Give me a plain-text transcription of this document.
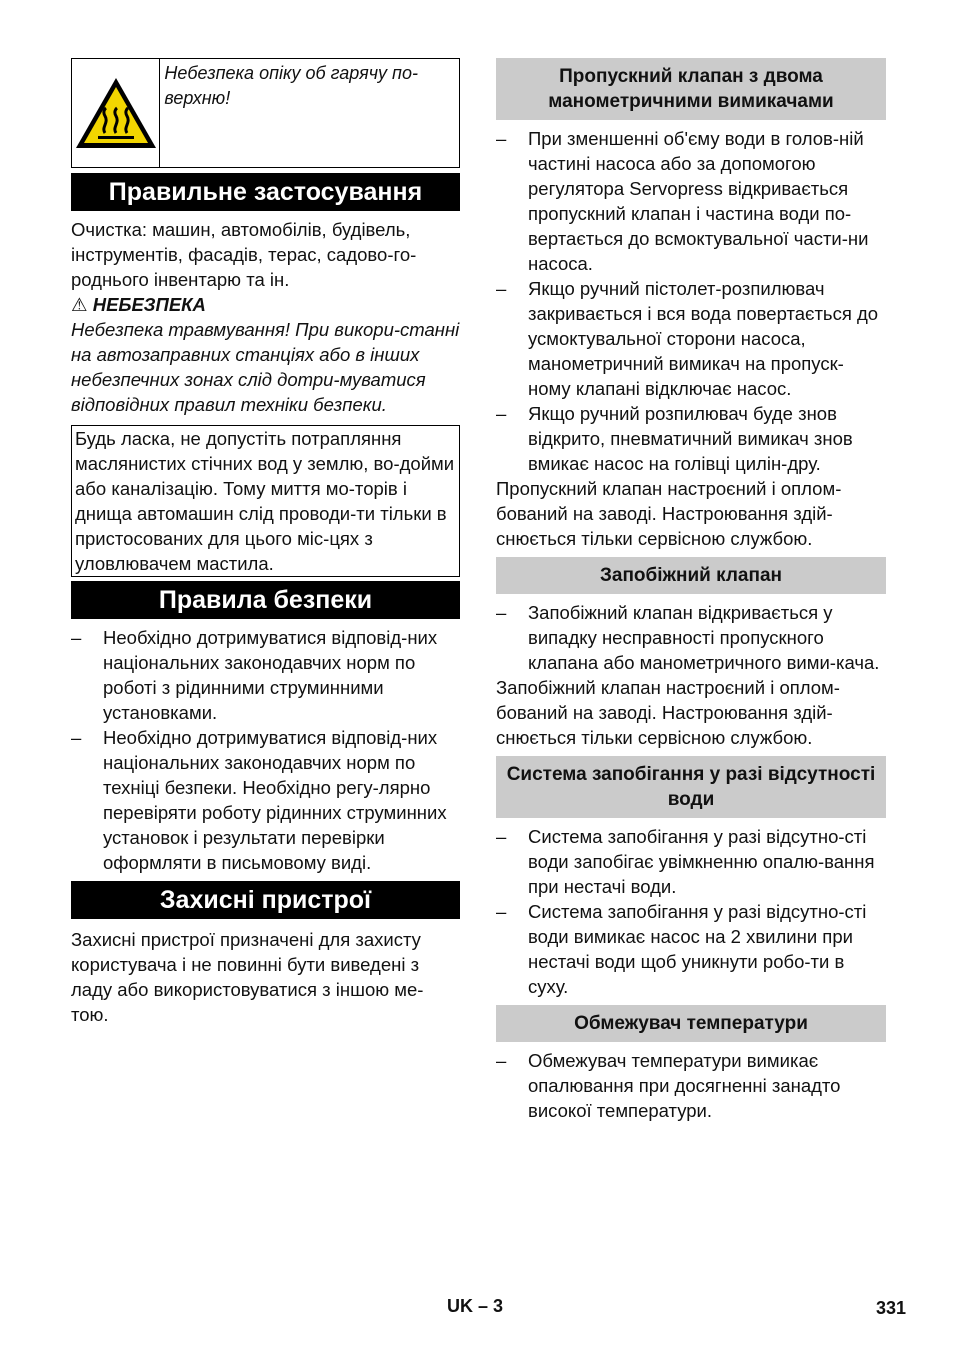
Небезпека опіку об гарячу по-верхню!
Правильне застосування

Очистка: машин, автомобілів, будівель, інструментів, фасадів, терас, садово-го-роднього інвентарю та ін.

⚠ НЕБЕЗПЕКА

Небезпека травмування! При викори-станні на автозаправних станціях або в інших небезпечних зонах слід дотри-муватися відповідних правил техніки безпеки.

Будь ласка, не допустіть потрапляння маслянистих стічних вод у землю, во-дойми або каналізацію. Тому миття мо-торів і днища автомашин слід проводи-ти тільки в пристосованих для цього міс-цях з уловлювачем мастила.
Правила безпеки
– Необхідно дотримуватися відповід-них національних законодавчих норм по роботі з рідинними струминними установками.
– Необхідно дотримуватися відповід-них національних законодавчих норм по техніці безпеки. Необхідно регу-лярно перевіряти роботу рідинних струминних установок і результати перевірки оформляти в письмовому виді.
Захисні пристрої

Захисні пристрої призначені для захисту користувача і не повинні бути виведені з ладу або використовуватися з іншою ме-тою.

Пропускний клапан з двома манометричними вимикачами
– При зменшенні об'єму води в голов-ній частині насоса або за допомогою регулятора Servopress відкривається пропускний клапан і частина води по-вертається до всмоктувальної части-ни насоса.
– Якщо ручний пістолет-розпилювач закривається і вся вода повертається до усмоктувальної сторони насоса, манометричний вимикач на пропуск-ному клапані відключає насос.
– Якщо ручний розпилювач буде знов відкрито, пневматичний вимикач знов вмикає насос на голівці цилін-дру.

Пропускний клапан настроєний і оплом-бований на заводі. Настроювання здій-снюється тільки сервісною службою.

Запобіжний клапан
– Запобіжний клапан відкривається у випадку несправності пропускного клапана або манометричного вими-кача.

Запобіжний клапан настроєний і оплом-бований на заводі. Настроювання здій-снюється тільки сервісною службою.

Система запобігання у разі відсутності води
– Система запобігання у разі відсутно-сті води запобігає увімкненню опалю-вання при нестачі води.
– Система запобігання у разі відсутно-сті води вимикає насос на 2 хвилини при нестачі води щоб уникнути робо-ти в суху.
Обмежувач температури
– Обмежувач температури вимикає опалювання при досягненні занадто високої температури.
UK – 3	331
